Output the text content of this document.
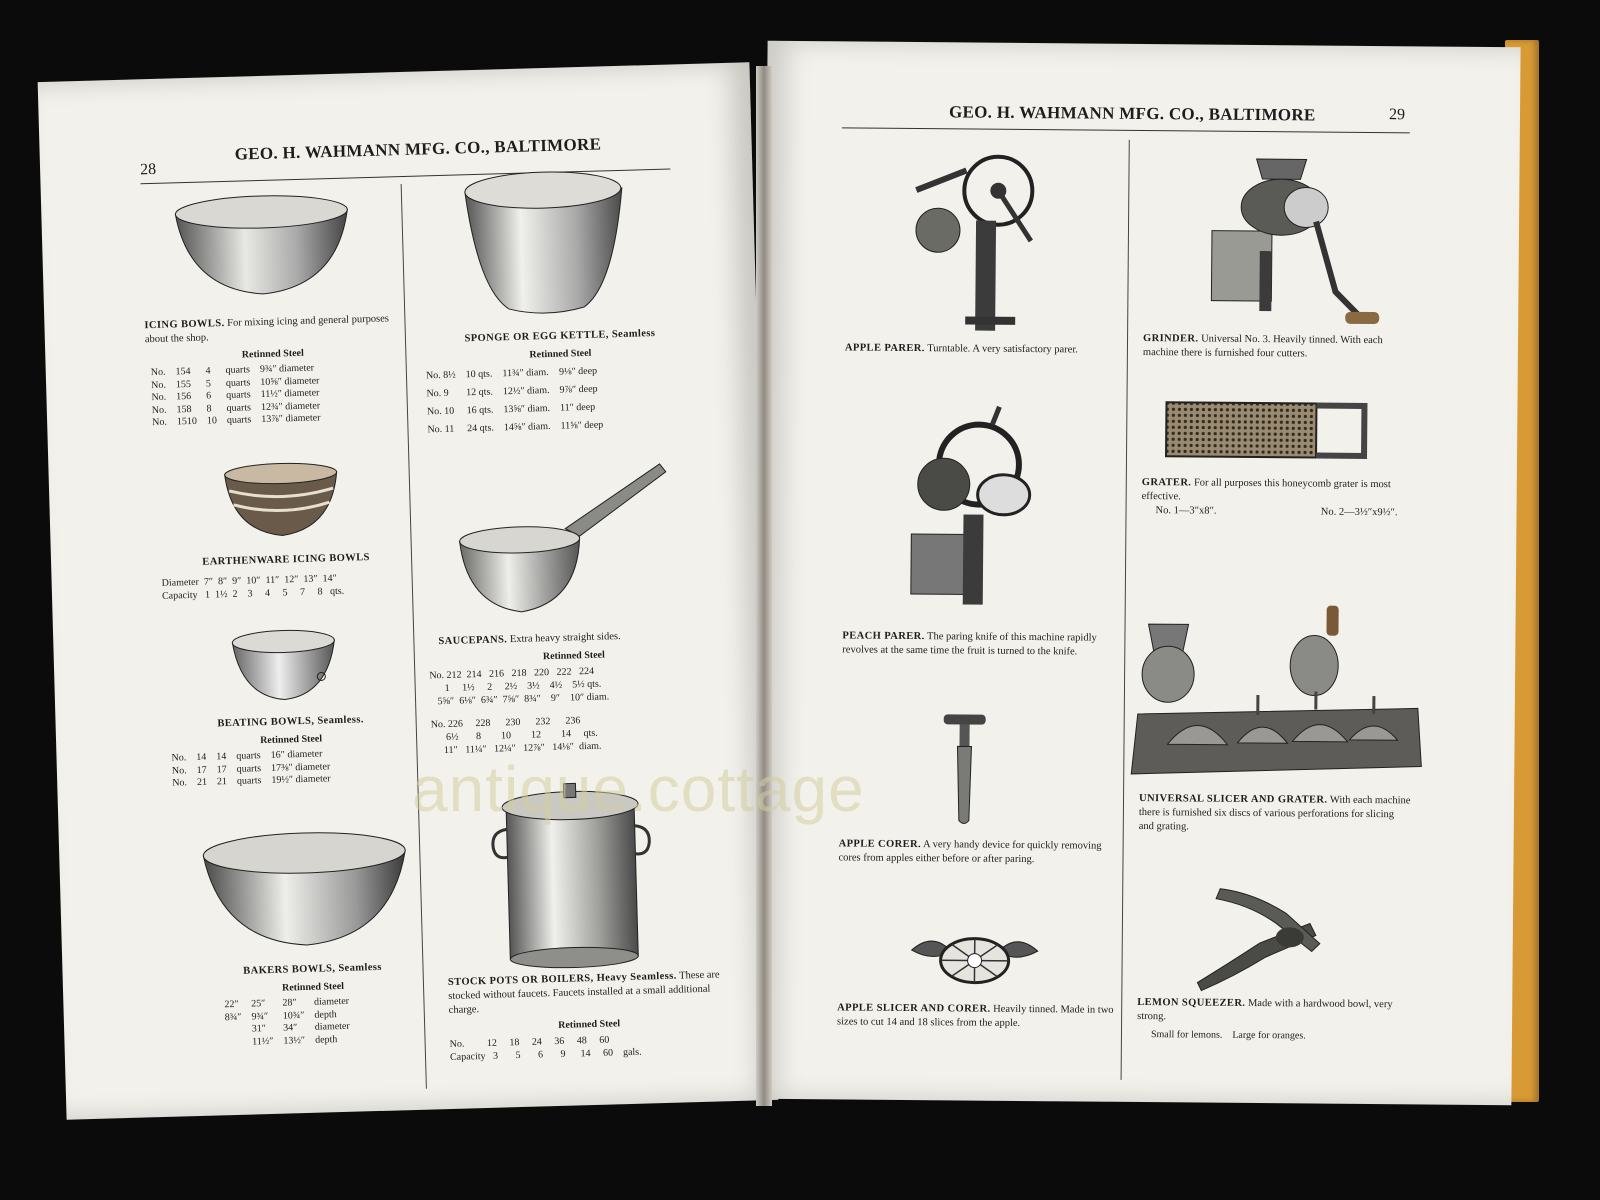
28
GEO. H. WAHMANN MFG. CO., BALTIMORE
ICING BOWLS. For mixing icing and general purposes about the shop.
Retinned Steel
No.	154	4	quarts	9¾″ diameter
No.	155	5	quarts	10⅝″ diameter
No.	156	6	quarts	11½″ diameter
No.	158	8	quarts	12¾″ diameter
No.	1510	10	quarts	13⅞″ diameter
EARTHENWARE ICING BOWLS
Diameter  7″  8″  9″  10″  11″  12″  13″  14″
Capacity   1  1½  2    3     4     5     7     8   qts.
BEATING BOWLS, Seamless.
Retinned Steel
No.	14	14	quarts	16″ diameter
No.	17	17	quarts	17⅜″ diameter
No.	21	21	quarts	19½″ diameter
BAKERS BOWLS, Seamless
Retinned Steel
22″	25″	28″	diameter
8¾″	9¾″	10¾″	depth
	31″	34″	diameter
	11½″	13½″	depth
SPONGE OR EGG KETTLE, Seamless
Retinned Steel
No. 8½	10 qts.	11¾″ diam.	9⅛″ deep
No. 9	12 qts.	12½″ diam.	9⅞″ deep
No. 10	16 qts.	13⅝″ diam.	11″ deep
No. 11	24 qts.	14⅝″ diam.	11⅝″ deep
SAUCEPANS. Extra heavy straight sides.
Retinned Steel
No. 212  214   216   218   220   222   224
1     1½     2     2½    3½    4½    5½ qts.
5⅝″  6⅛″  6¾″  7⅝″  8¾″    9″    10″ diam.
No. 226     228      230      232      236
6½       8        10        12        14     qts.
11″   11¼″   12¼″   12⅞″   14⅛″  diam.
STOCK POTS OR BOILERS, Heavy Seamless. These are stocked without faucets. Faucets installed at a small additional charge.
Retinned Steel
No.         12     18     24     36     48     60
Capacity   3       5       6       9      14     60    gals.
GEO. H. WAHMANN MFG. CO., BALTIMORE	29
APPLE PARER. Turntable. A very satisfactory parer.
PEACH PARER. The paring knife of this machine rapidly revolves at the same time the fruit is turned to the knife.
APPLE CORER. A very handy device for quickly removing cores from apples either before or after paring.
APPLE SLICER AND CORER. Heavily tinned. Made in two sizes to cut 14 and 18 slices from the apple.
GRINDER. Universal No. 3. Heavily tinned. With each machine there is furnished four cutters.
GRATER. For all purposes this honeycomb grater is most effective.
No. 1—3″x8″.	No. 2—3½″x9½″.
UNIVERSAL SLICER AND GRATER. With each machine there is furnished six discs of various perforations for slicing and grating.
LEMON SQUEEZER. Made with a hardwood bowl, very strong.
Small for lemons.    Large for oranges.
antique.cottage
